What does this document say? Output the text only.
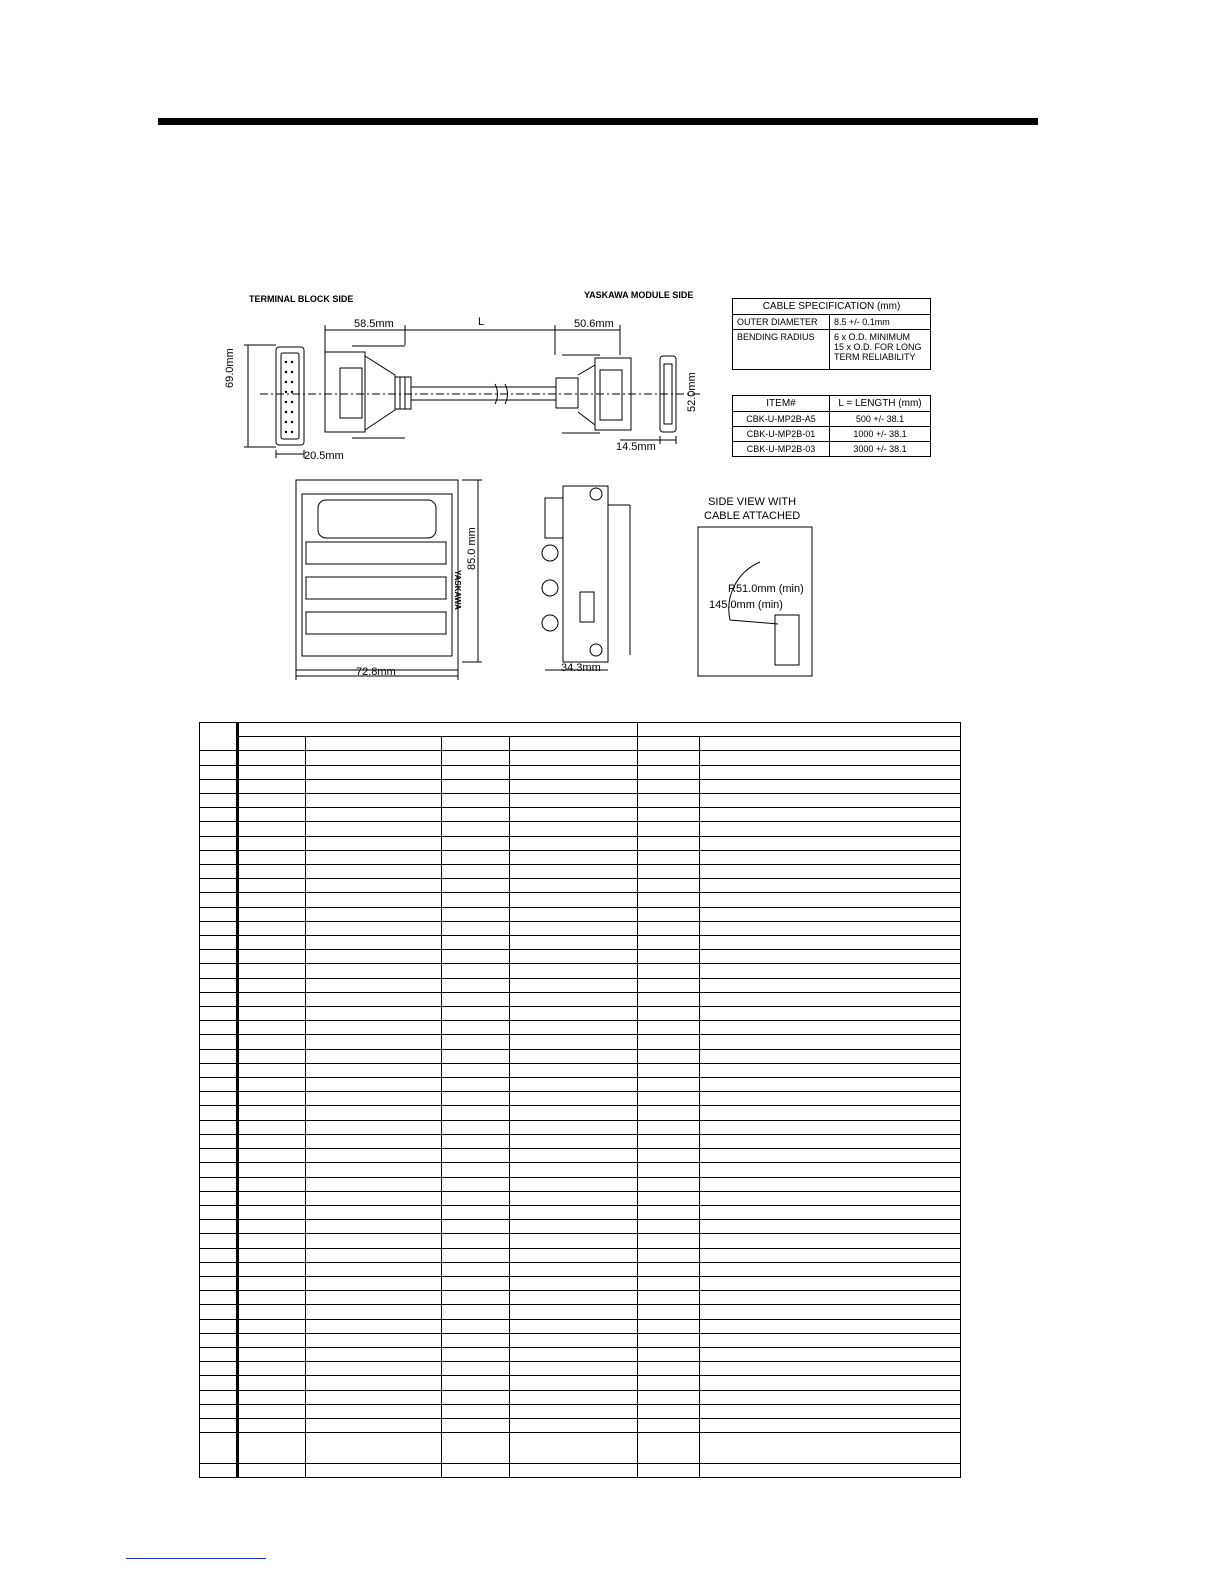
TERMINAL BLOCK SIDE	YASKAWA MODULE SIDE
58.5mm	L	50.6mm
69.0mm
52.0mm
20.5mm
14.5mm
85.0 mm
72.8mm	34.3mm
SIDE VIEW WITH
CABLE ATTACHED
R51.0mm (min)
145.0mm (min)
YASKAWA
CABLE SPECIFICATION (mm)	
OUTER DIAMETER	8.5 +/- 0.1mm
BENDING RADIUS	6 x O.D. MINIMUM
15 x O.D. FOR LONG
TERM RELIABILITY
ITEM#	L = LENGTH (mm)
CBK-U-MP2B-A5	500 +/- 38.1
CBK-U-MP2B-01	1000 +/- 38.1
CBK-U-MP2B-03	3000 +/- 38.1
